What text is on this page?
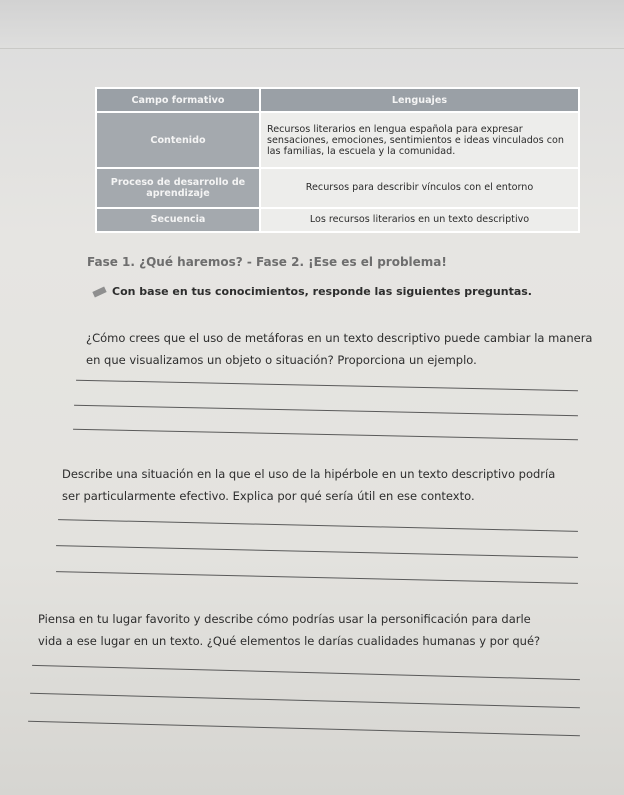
Campo formativo	Lenguajes
Contenido	Recursos literarios en lengua española para expresar sensaciones, emociones, sentimientos e ideas vinculados con las familias, la escuela y la comunidad.
Proceso de desarrollo de aprendizaje	Recursos para describir vínculos con el entorno
Secuencia	Los recursos literarios en un texto descriptivo
Fase 1. ¿Qué haremos? - Fase 2. ¡Ese es el problema!
Con base en tus conocimientos, responde las siguientes preguntas.
¿Cómo crees que el uso de metáforas en un texto descriptivo puede cambiar la manera
en que visualizamos un objeto o situación? Proporciona un ejemplo.
Describe una situación en la que el uso de la hipérbole en un texto descriptivo podría
ser particularmente efectivo. Explica por qué sería útil en ese contexto.
Piensa en tu lugar favorito y describe cómo podrías usar la personificación para darle
vida a ese lugar en un texto. ¿Qué elementos le darías cualidades humanas y por qué?
